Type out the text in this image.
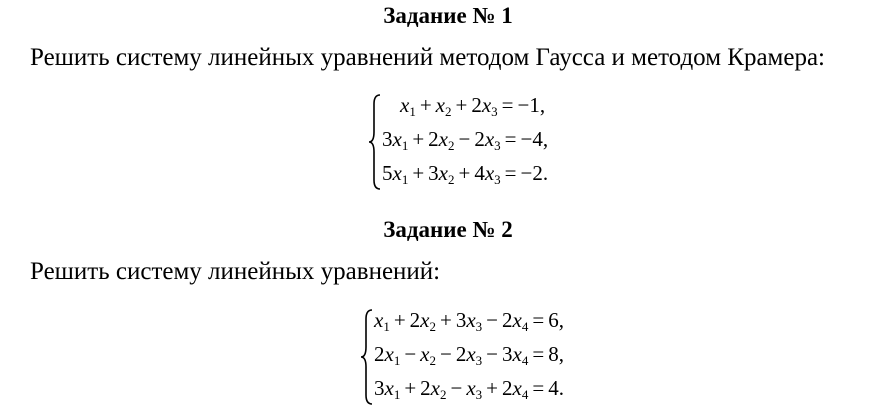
Задание № 1
Решить систему линейных уравнений методом Гаусса и методом Крамера:
$x_1 + x_2 + 2x_3 = -1$,
$3x_1 + 2x_2 - 2x_3 = -4$,
$5x_1 + 3x_2 + 4x_3 = -2$.
Задание № 2
Решить систему линейных уравнений:
$x_1 + 2x_2 + 3x_3 - 2x_4 = 6$,
$2x_1 - x_2 - 2x_3 - 3x_4 = 8$,
$3x_1 + 2x_2 - x_3 + 2x_4 = 4$.
